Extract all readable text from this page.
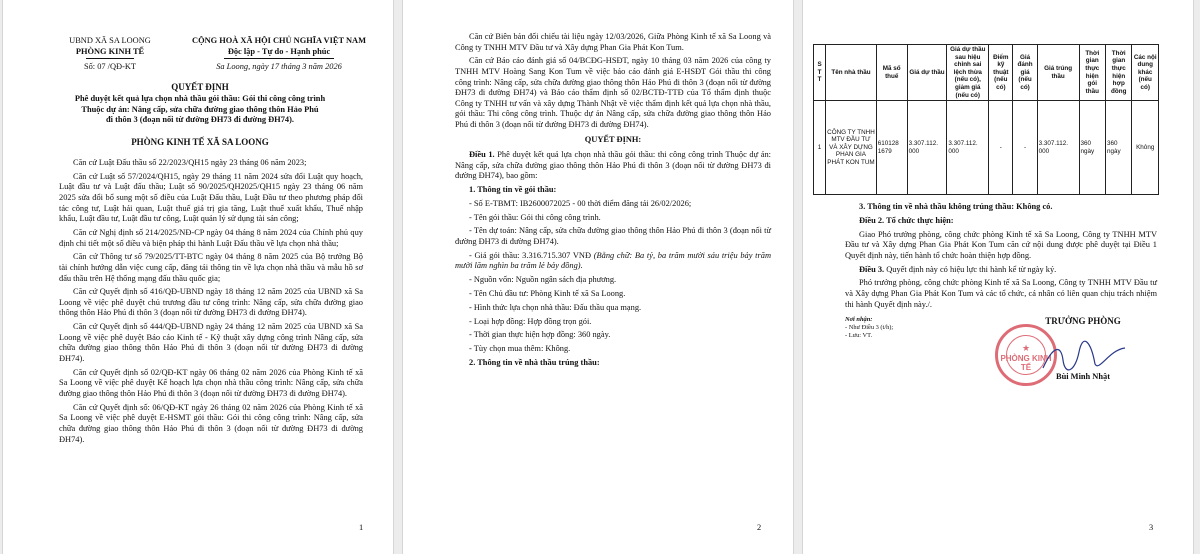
UBND XÃ SA LOONG
PHÒNG KINH TẾ
Số: 07 /QĐ-KT
CỘNG HOÀ XÃ HỘI CHỦ NGHĨA VIỆT NAM
Độc lập - Tự do - Hạnh phúc
Sa Loong, ngày 17 tháng 3 năm 2026
QUYẾT ĐỊNH
Phê duyệt kết quả lựa chọn nhà thầu gói thầu: Gói thi công công trình
Thuộc dự án: Nâng cấp, sửa chữa đường giao thông thôn Hảo Phú
đi thôn 3 (đoạn nối từ đường ĐH73 đi đường ĐH74).
PHÒNG KINH TẾ XÃ SA LOONG

Căn cứ Luật Đấu thầu số 22/2023/QH15 ngày 23 tháng 06 năm 2023;

Căn cứ Luật số 57/2024/QH15, ngày 29 tháng 11 năm 2024 sửa đổi Luật quy hoạch, Luật đầu tư và Luật đấu thầu; Luật số 90/2025/QH2025/QH15 ngày 23 tháng 06 năm 2025 sửa đổi bổ sung một số điều của Luật Đấu thầu, Luật Đầu tư theo phương pháp đối tác công tư, Luật hải quan, Luật thuế giá trị gia tăng, Luật thuế xuất khẩu, Thuế nhập khẩu, Luật đầu tư, Luật đầu tư công, Luật quản lý sử dụng tài sản công;

Căn cứ Nghị định số 214/2025/NĐ-CP ngày 04 tháng 8 năm 2024 của Chính phủ quy định chi tiết một số điều và biện pháp thi hành Luật Đấu thầu về lựa chọn nhà thầu;

Căn cứ Thông tư số 79/2025/TT-BTC ngày 04 tháng 8 năm 2025 của Bộ trưởng Bộ tài chính hướng dẫn việc cung cấp, đăng tải thông tin về lựa chọn nhà thầu và mẫu hồ sơ đấu thầu trên Hệ thống mạng đấu thầu quốc gia;

Căn cứ Quyết định số 416/QĐ-UBND ngày 18 tháng 12 năm 2025 của UBND xã Sa Loong về việc phê duyệt chủ trương đầu tư công trình: Nâng cấp, sửa chữa đường giao thông thôn Hảo Phú đi thôn 3 (đoạn nối từ đường ĐH73 đi đường ĐH74).

Căn cứ Quyết định số 444/QĐ-UBND ngày 24 tháng 12 năm 2025 của UBND xã Sa Loong về việc phê duyệt Báo cáo Kinh tế - Kỹ thuật xây dựng công trình Nâng cấp, sửa chữa đường giao thông thôn Hảo Phú đi thôn 3 (đoạn nối từ đường ĐH73 đi đường ĐH74).

Căn cứ Quyết định số 02/QĐ-KT ngày 06 tháng 02 năm 2026 của Phòng Kinh tế xã Sa Loong về việc phê duyệt Kế hoạch lựa chọn nhà thầu công trình: Nâng cấp, sửa chữa đường giao thông thôn Hảo Phú đi thôn 3 (đoạn nối từ đường ĐH73 đi đường ĐH74).

Căn cứ Quyết định số: 06/QĐ-KT ngày 26 tháng 02 năm 2026 của Phòng Kinh tế xã Sa Loong về việc phê duyệt E-HSMT gói thầu: Gói thi công công trình: Nâng cấp, sửa chữa đường giao thông thôn Hảo Phú đi thôn 3 (đoạn nối từ đường ĐH73 đi đường ĐH74).

1

Căn cứ Biên bản đối chiếu tài liệu ngày 12/03/2026, Giữa Phòng Kinh tế xã Sa Loong và Công ty TNHH MTV Đầu tư và Xây dựng Phan Gia Phát Kon Tum.

Căn cứ Báo cáo đánh giá số 04/BCĐG-HSĐT, ngày 10 tháng 03 năm 2026 của công ty TNHH MTV Hoàng Sang Kon Tum về việc báo cáo đánh giá E-HSĐT Gói thầu thi công công trình: Nâng cấp, sửa chữa đường giao thông thôn Hảo Phú đi thôn 3 (đoạn nối từ đường ĐH73 đi đường ĐH74) và Báo cáo thẩm định số 02/BCTĐ-TTĐ của Tổ thẩm định thuộc Công ty TNHH tư vấn và xây dựng Thành Nhật về việc thẩm định kết quả lựa chọn nhà thầu, gói thầu: Thi công công trình. Thuộc dự án Nâng cấp, sửa chữa đường giao thông thôn Hảo Phú đi thôn 3 (đoạn nối từ đường ĐH73 đi đường ĐH74).

QUYẾT ĐỊNH:

Điều 1. Phê duyệt kết quả lựa chọn nhà thầu gói thầu: thi công công trình Thuộc dự án: Nâng cấp, sửa chữa đường giao thông thôn Hảo Phú đi thôn 3 (đoạn nối từ đường ĐH73 đi đường ĐH74), bao gồm:

1. Thông tin về gói thầu:

- Số E-TBMT: IB2600072025 - 00 thời điểm đăng tải 26/02/2026;

- Tên gói thầu: Gói thi công công trình.

- Tên dự toán: Nâng cấp, sửa chữa đường giao thông thôn Hảo Phú đi thôn 3 (đoạn nối từ đường ĐH73 đi đường ĐH74).

- Giá gói thầu: 3.316.715.307 VNĐ (Bằng chữ: Ba tỷ, ba trăm mười sáu triệu bảy trăm mười lăm nghìn ba trăm lẻ bảy đồng).

- Nguồn vốn: Nguồn ngân sách địa phương.

- Tên Chủ đầu tư: Phòng Kinh tế xã Sa Loong.

- Hình thức lựa chọn nhà thầu: Đấu thầu qua mạng.

- Loại hợp đồng: Hợp đồng trọn gói.

- Thời gian thực hiện hợp đồng: 360 ngày.

- Tùy chọn mua thêm: Không.

2. Thông tin về nhà thầu trúng thầu:

2
S T T	Tên nhà thầu	Mã số thuế	Giá dự thầu	Giá dự thầu sau hiệu chỉnh sai lệch thừa (nếu có), giảm giá (nếu có)	Điểm kỹ thuật (nếu có)	Giá đánh giá (nếu có)	Giá trúng thầu	Thời gian thực hiện gói thầu	Thời gian thực hiện hợp đồng	Các nội dung khác (nếu có)
1	CÔNG TY TNHH MTV ĐẦU TƯ VÀ XÂY DỰNG PHAN GIA PHÁT KON TUM	610128 1679	3.307.112. 000	3.307.112. 000	-	-	3.307.112. 000	360 ngày	360 ngày	Không

3. Thông tin về nhà thầu không trúng thầu: Không có.

Điều 2. Tổ chức thực hiện:

Giao Phó trưởng phòng, công chức phòng Kinh tế xã Sa Loong, Công ty TNHH MTV Đầu tư và Xây dựng Phan Gia Phát Kon Tum căn cứ nội dung được phê duyệt tại Điều 1 Quyết định này, tiến hành tổ chức hoàn thiện hợp đồng.

Điều 3. Quyết định này có hiệu lực thi hành kể từ ngày ký.

Phó trưởng phòng, công chức phòng Kinh tế xã Sa Loong, Công ty TNHH MTV Đầu tư và Xây dựng Phan Gia Phát Kon Tum và các tổ chức, cá nhân có liên quan chịu trách nhiệm thi hành Quyết định này./.

Nơi nhận:
- Như Điều 3 (t/h);
- Lưu: VT.
TRƯỞNG PHÒNG
★
PHÒNG KINH TẾ
Bùi Minh Nhật
3
